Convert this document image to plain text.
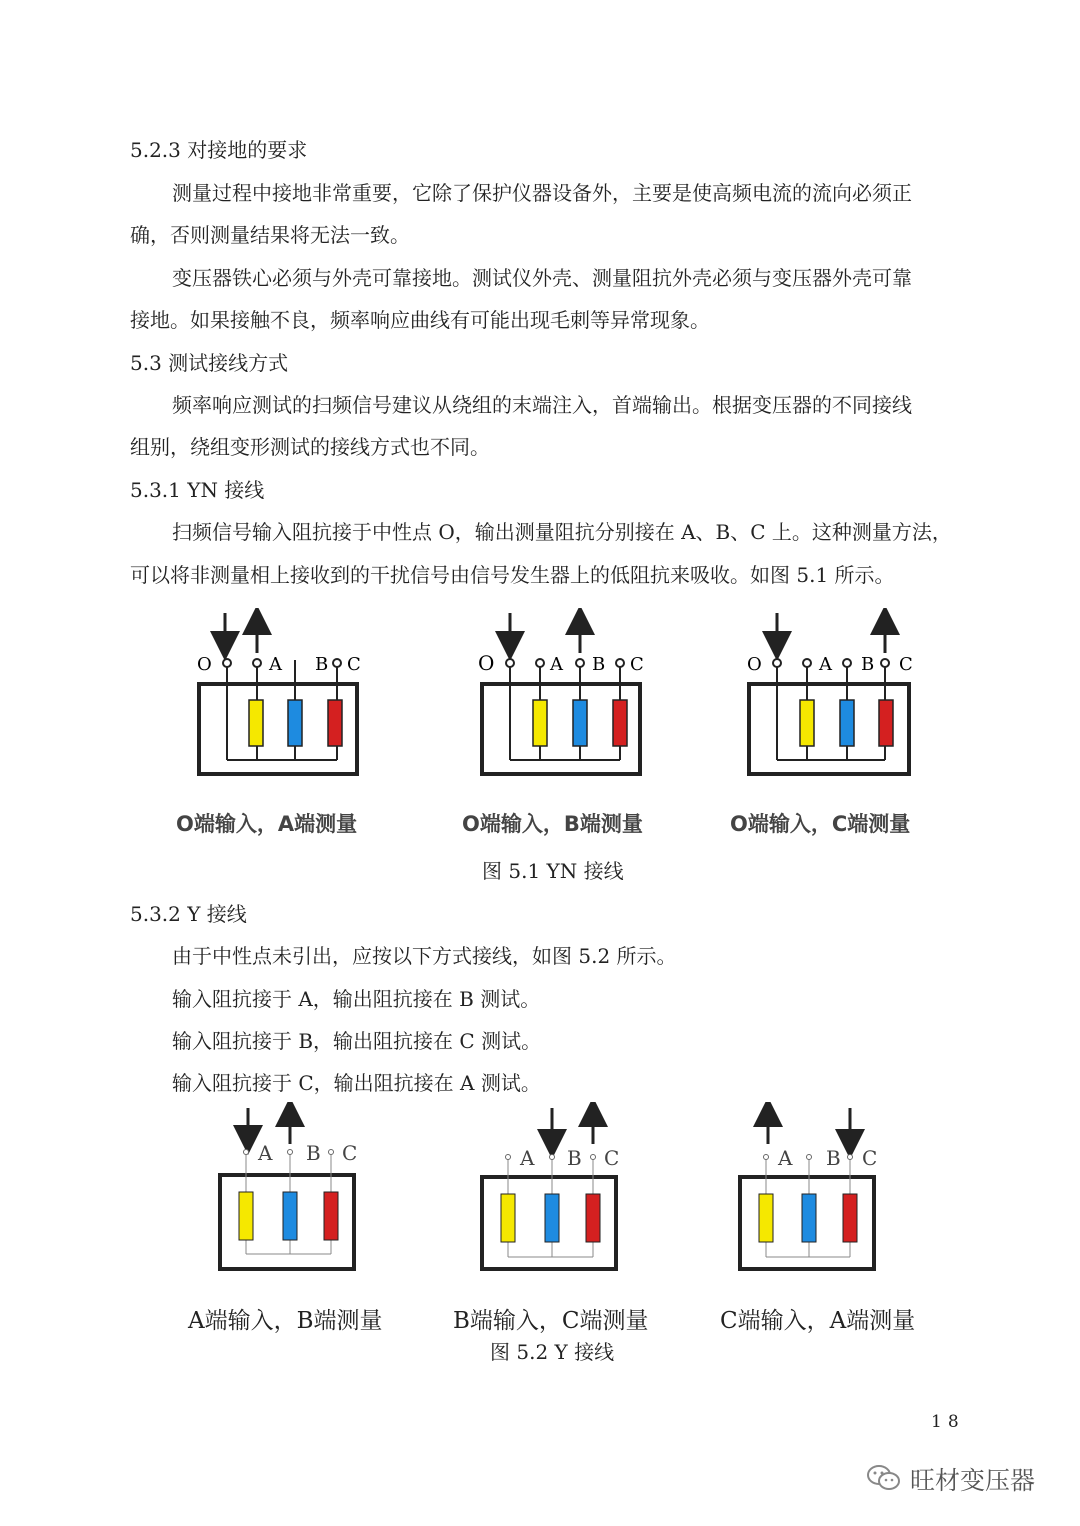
5.2.3 对接地的要求
测量过程中接地非常重要，它除了保护仪器设备外，主要是使高频电流的流向必须正
确，否则测量结果将无法一致。
变压器铁心必须与外壳可靠接地。测试仪外壳、测量阻抗外壳必须与变压器外壳可靠
接地。如果接触不良，频率响应曲线有可能出现毛刺等异常现象。
5.3 测试接线方式
频率响应测试的扫频信号建议从绕组的末端注入，首端输出。根据变压器的不同接线
组别，绕组变形测试的接线方式也不同。
5.3.1 YN 接线
扫频信号输入阻抗接于中性点 O，输出测量阻抗分别接在 A、B、C 上。这种测量方法，
可以将非测量相上接收到的干扰信号由信号发生器上的低阻抗来吸收。如图 5.1 所示。
O	A B C	O	A B C	O	A B C
O端输入，A端测量	O端输入，B端测量	O端输入，C端测量
图 5.1 YN 接线
5.3.2 Y 接线
由于中性点未引出，应按以下方式接线，如图 5.2 所示。
输入阻抗接于 A，输出阻抗接在 B 测试。
输入阻抗接于 B，输出阻抗接在 C 测试。
输入阻抗接于 C，输出阻抗接在 A 测试。
A B C	A B C	A B C
A端输入，B端测量	B端输入，C端测量	C端输入，A端测量
图 5.2 Y 接线
18
旺材变压器
